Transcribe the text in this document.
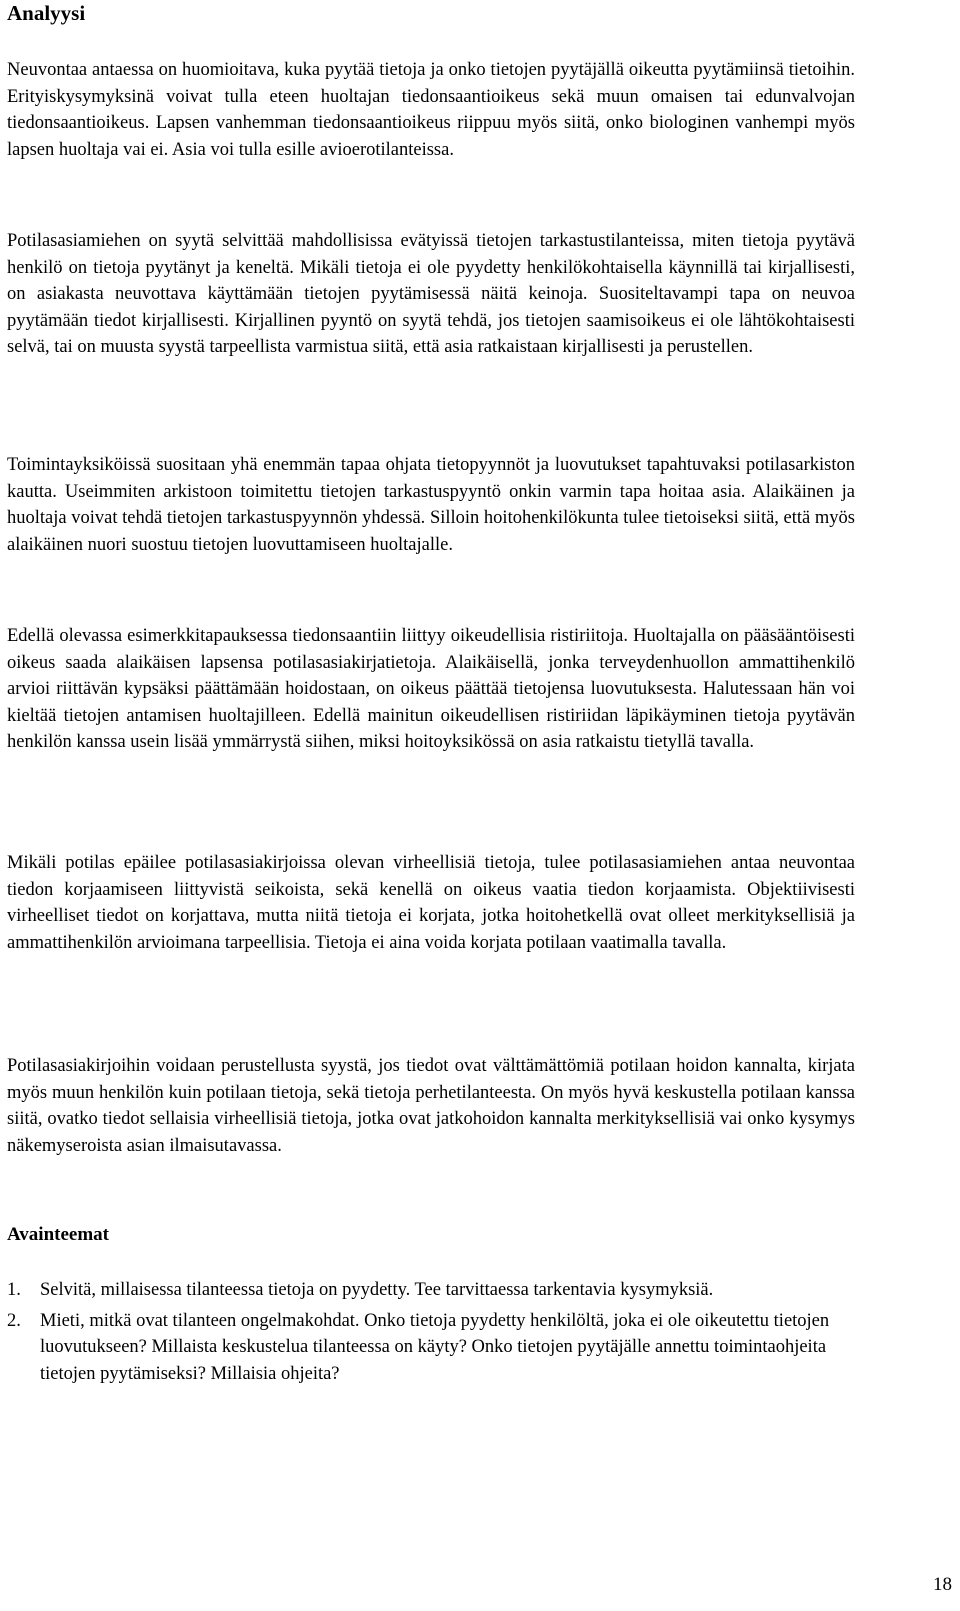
Analyysi

Neuvontaa antaessa on huomioitava, kuka pyytää tietoja ja onko tietojen pyytäjällä oikeutta pyytämiinsä tietoihin. Erityiskysymyksinä voivat tulla eteen huoltajan tiedonsaantioikeus sekä muun omaisen tai edunvalvojan tiedonsaantioikeus. Lapsen vanhemman tiedonsaantioikeus riippuu myös siitä, onko biologinen vanhempi myös lapsen huoltaja vai ei. Asia voi tulla esille avioerotilanteissa.

Potilasasiamiehen on syytä selvittää mahdollisissa evätyissä tietojen tarkastustilanteissa, miten tietoja pyytävä henkilö on tietoja pyytänyt ja keneltä. Mikäli tietoja ei ole pyydetty henkilökohtaisella käynnillä tai kirjallisesti, on asiakasta neuvottava käyttämään tietojen pyytämisessä näitä keinoja. Suositeltavampi tapa on neuvoa pyytämään tiedot kirjallisesti. Kirjallinen pyyntö on syytä tehdä, jos tietojen saamisoikeus ei ole lähtökohtaisesti selvä, tai on muusta syystä tarpeellista varmistua siitä, että asia ratkaistaan kirjallisesti ja perustellen.

Toimintayksiköissä suositaan yhä enemmän tapaa ohjata tietopyynnöt ja luovutukset tapahtuvaksi potilasarkiston kautta. Useimmiten arkistoon toimitettu tietojen tarkastuspyyntö onkin varmin tapa hoitaa asia. Alaikäinen ja huoltaja voivat tehdä tietojen tarkastuspyynnön yhdessä. Silloin hoitohenkilökunta tulee tietoiseksi siitä, että myös alaikäinen nuori suostuu tietojen luovuttamiseen huoltajalle.

Edellä olevassa esimerkkitapauksessa tiedonsaantiin liittyy oikeudellisia ristiriitoja. Huoltajalla on pääsääntöisesti oikeus saada alaikäisen lapsensa potilasasiakirjatietoja. Alaikäisellä, jonka terveydenhuollon ammattihenkilö arvioi riittävän kypsäksi päättämään hoidostaan, on oikeus päättää tietojensa luovutuksesta. Halutessaan hän voi kieltää tietojen antamisen huoltajilleen. Edellä mainitun oikeudellisen ristiriidan läpikäyminen tietoja pyytävän henkilön kanssa usein lisää ymmärrystä siihen, miksi hoitoyksikössä on asia ratkaistu tietyllä tavalla.

Mikäli potilas epäilee potilasasiakirjoissa olevan virheellisiä tietoja, tulee potilasasiamiehen antaa neuvontaa tiedon korjaamiseen liittyvistä seikoista, sekä kenellä on oikeus vaatia tiedon korjaamista. Objektiivisesti virheelliset tiedot on korjattava, mutta niitä tietoja ei korjata, jotka hoitohetkellä ovat olleet merkityksellisiä ja ammattihenkilön arvioimana tarpeellisia. Tietoja ei aina voida korjata potilaan vaatimalla tavalla.

Potilasasiakirjoihin voidaan perustellusta syystä, jos tiedot ovat välttämättömiä potilaan hoidon kannalta, kirjata myös muun henkilön kuin potilaan tietoja, sekä tietoja perhetilanteesta. On myös hyvä keskustella potilaan kanssa siitä, ovatko tiedot sellaisia virheellisiä tietoja, jotka ovat jatkohoidon kannalta merkityksellisiä vai onko kysymys näkemyseroista asian ilmaisutavassa.

Avainteemat
1. Selvitä, millaisessa tilanteessa tietoja on pyydetty. Tee tarvittaessa tarkentavia kysymyksiä.
2. Mieti, mitkä ovat tilanteen ongelmakohdat. Onko tietoja pyydetty henkilöltä, joka ei ole oikeutettu tietojen luovutukseen? Millaista keskustelua tilanteessa on käyty? Onko tietojen pyytäjälle annettu toimintaohjeita tietojen pyytämiseksi? Millaisia ohjeita?
18
